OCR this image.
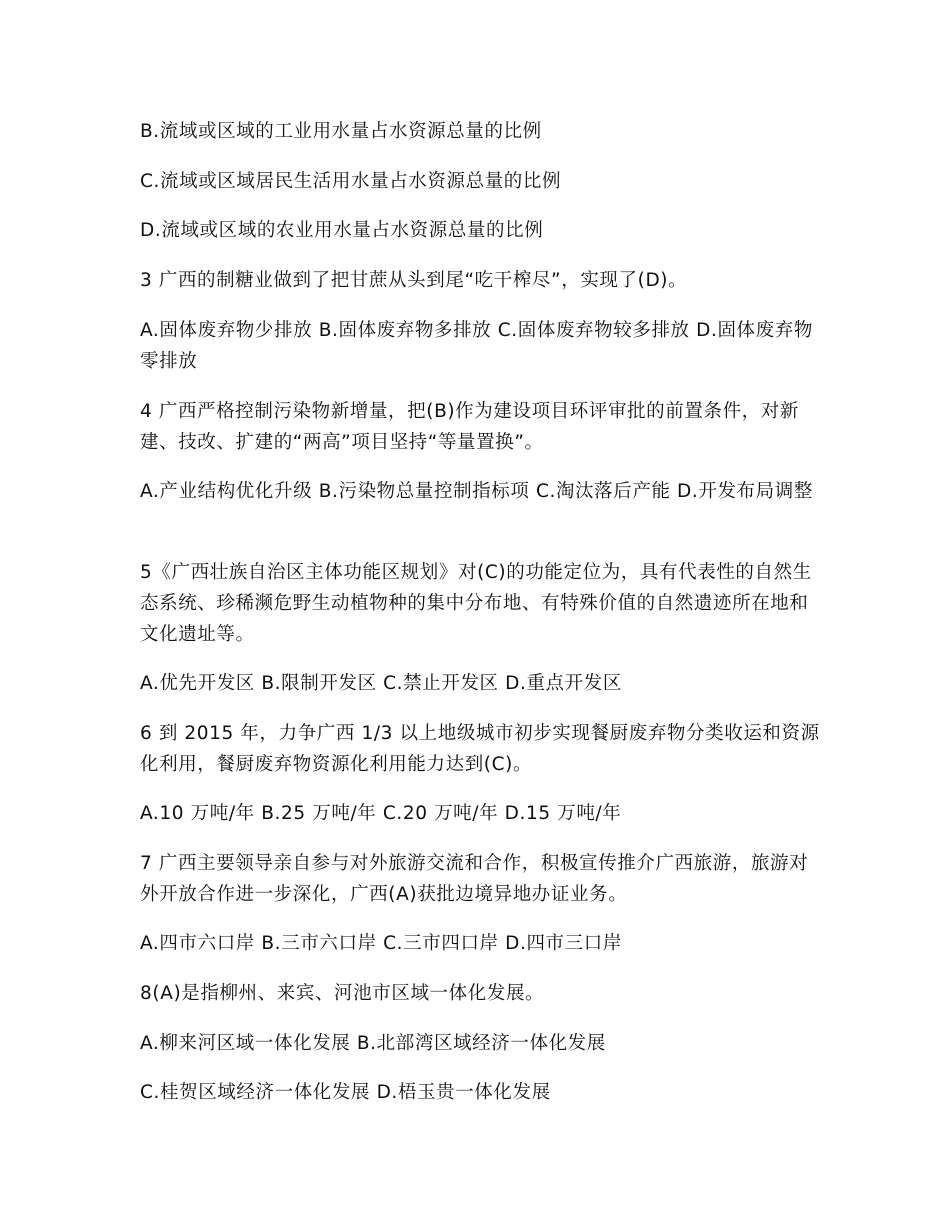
B.流域或区域的工业用水量占水资源总量的比例

C.流域或区域居民生活用水量占水资源总量的比例

D.流域或区域的农业用水量占水资源总量的比例

3 广西的制糖业做到了把甘蔗从头到尾“吃干榨尽”，实现了(D)。

A.固体废弃物少排放 B.固体废弃物多排放 C.固体废弃物较多排放 D.固体废弃物零排放

4 广西严格控制污染物新增量，把(B)作为建设项目环评审批的前置条件，对新建、技改、扩建的“两高”项目坚持“等量置换”。

A.产业结构优化升级 B.污染物总量控制指标项 C.淘汰落后产能 D.开发布局调整

5《广西壮族自治区主体功能区规划》对(C)的功能定位为，具有代表性的自然生态系统、珍稀濒危野生动植物种的集中分布地、有特殊价值的自然遗迹所在地和文化遗址等。

A.优先开发区 B.限制开发区 C.禁止开发区 D.重点开发区

6 到 2015 年，力争广西 1/3 以上地级城市初步实现餐厨废弃物分类收运和资源化利用，餐厨废弃物资源化利用能力达到(C)。

A.10 万吨/年 B.25 万吨/年 C.20 万吨/年 D.15 万吨/年

7 广西主要领导亲自参与对外旅游交流和合作，积极宣传推介广西旅游，旅游对外开放合作进一步深化，广西(A)获批边境异地办证业务。

A.四市六口岸 B.三市六口岸 C.三市四口岸 D.四市三口岸

8(A)是指柳州、来宾、河池市区域一体化发展。

A.柳来河区域一体化发展 B.北部湾区域经济一体化发展

C.桂贺区域经济一体化发展 D.梧玉贵一体化发展
